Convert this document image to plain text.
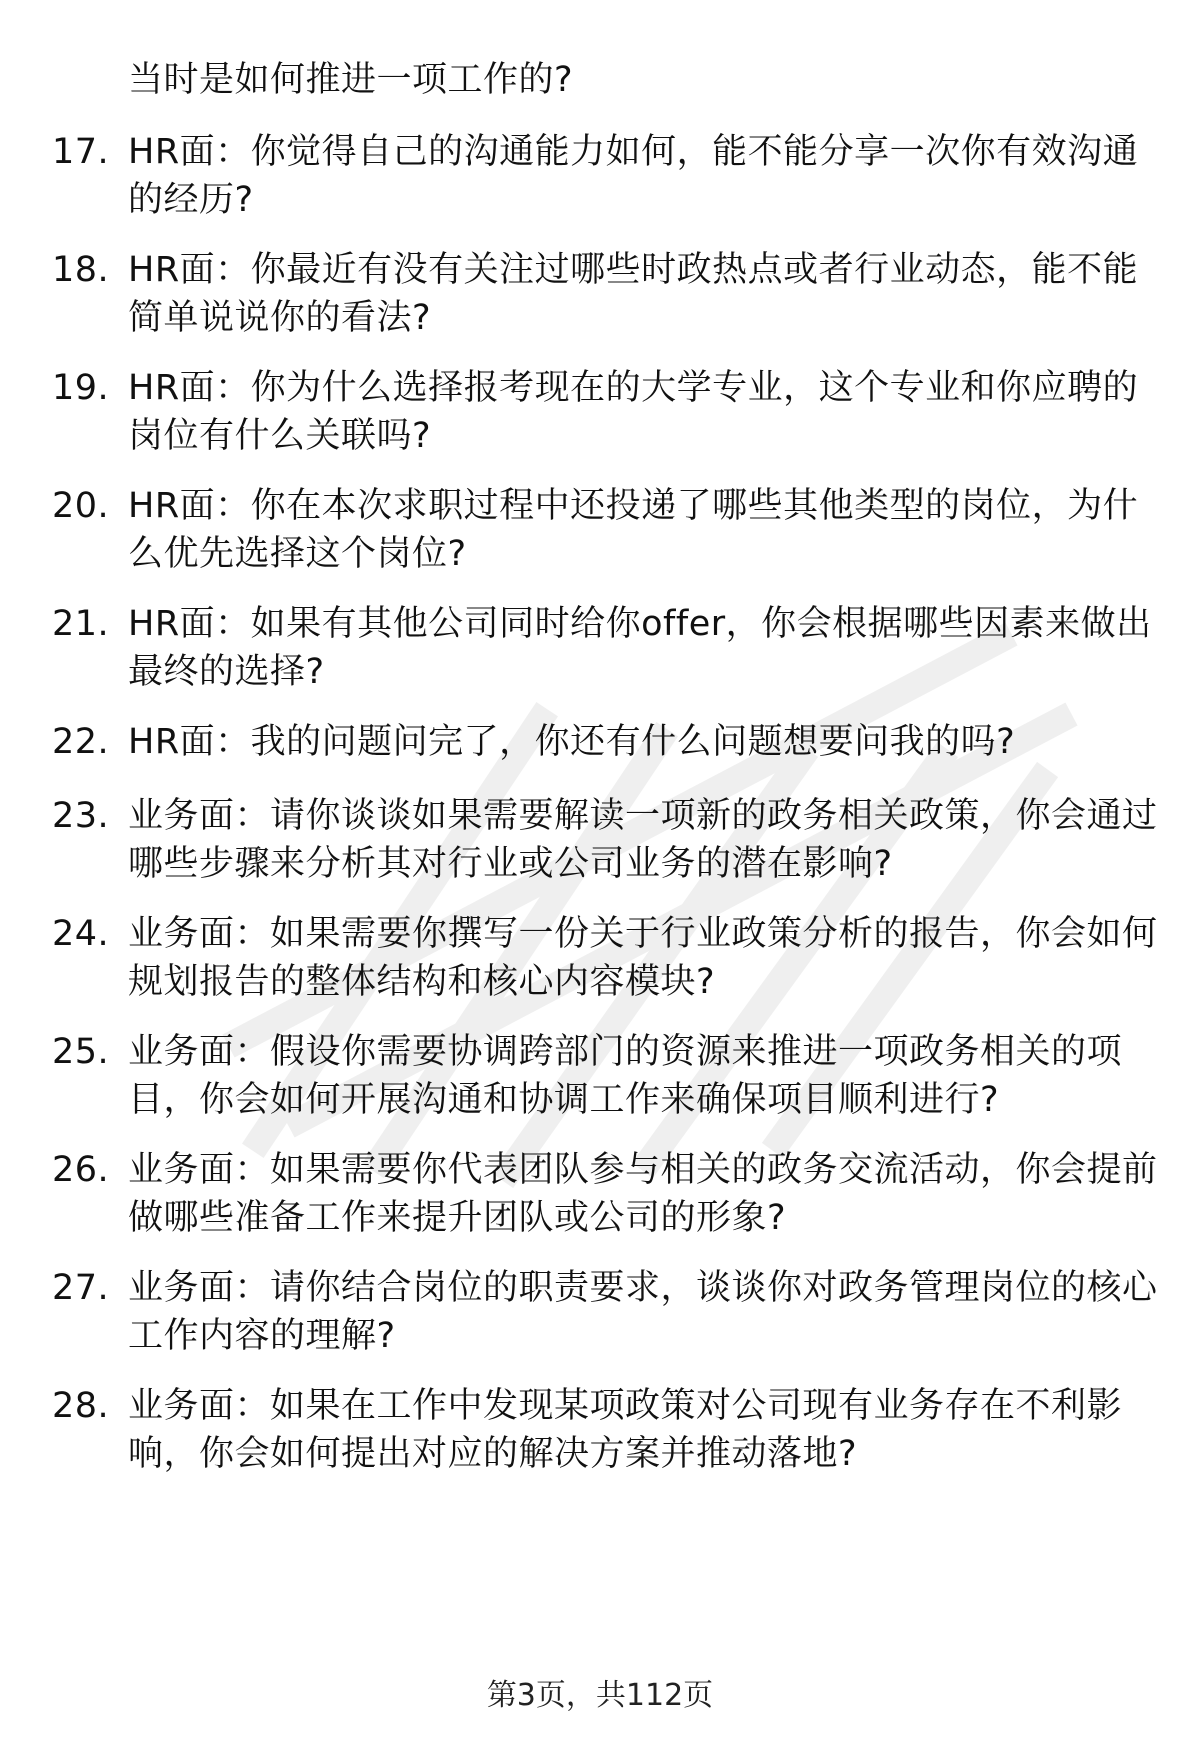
当时是如何推进一项工作的?
17. HR面：你觉得自己的沟通能力如何，能不能分享一次你有效沟通的经历?
18. HR面：你最近有没有关注过哪些时政热点或者行业动态，能不能简单说说你的看法?
19. HR面：你为什么选择报考现在的大学专业，这个专业和你应聘的岗位有什么关联吗?
20. HR面：你在本次求职过程中还投递了哪些其他类型的岗位，为什么优先选择这个岗位?
21. HR面：如果有其他公司同时给你offer，你会根据哪些因素来做出最终的选择?
22. HR面：我的问题问完了，你还有什么问题想要问我的吗?
23. 业务面：请你谈谈如果需要解读一项新的政务相关政策，你会通过哪些步骤来分析其对行业或公司业务的潜在影响?
24. 业务面：如果需要你撰写一份关于行业政策分析的报告，你会如何规划报告的整体结构和核心内容模块?
25. 业务面：假设你需要协调跨部门的资源来推进一项政务相关的项目，你会如何开展沟通和协调工作来确保项目顺利进行?
26. 业务面：如果需要你代表团队参与相关的政务交流活动，你会提前做哪些准备工作来提升团队或公司的形象?
27. 业务面：请你结合岗位的职责要求，谈谈你对政务管理岗位的核心工作内容的理解?
28. 业务面：如果在工作中发现某项政策对公司现有业务存在不利影响，你会如何提出对应的解决方案并推动落地?
第3页，共112页
